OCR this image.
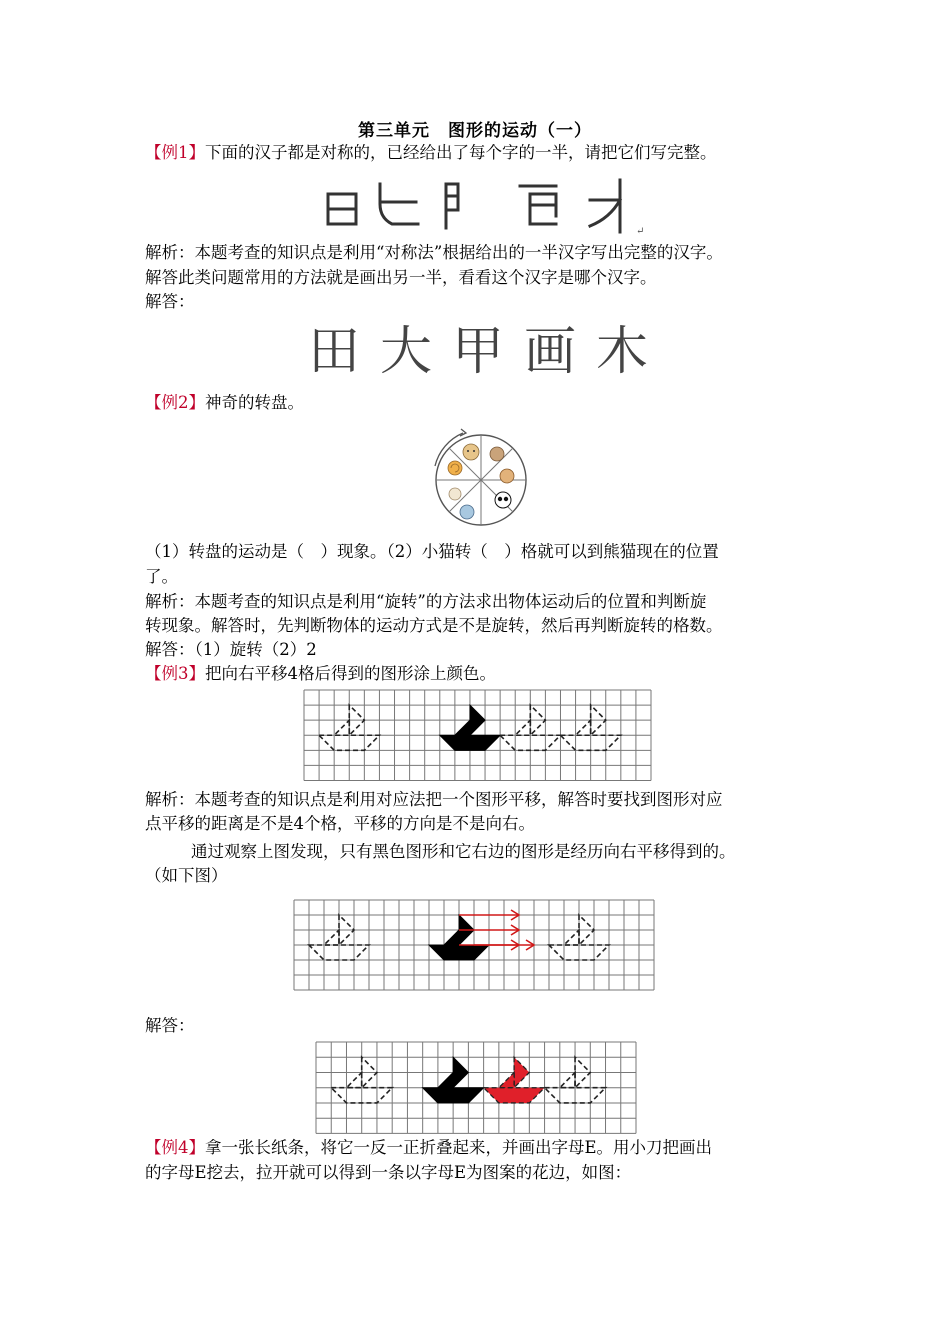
第三单元　图形的运动（一）
【例1】下面的汉子都是对称的，已经给出了每个字的一半，请把它们写完整。
↵
解析：本题考查的知识点是利用“对称法”根据给出的一半汉字写出完整的汉字。
解答此类问题常用的方法就是画出另一半，看看这个汉字是哪个汉字。
解答：
田 大 甲 画 木
【例2】神奇的转盘。
（1）转盘的运动是（　）现象。（2）小猫转（　）格就可以到熊猫现在的位置
了。
解析：本题考查的知识点是利用“旋转”的方法求出物体运动后的位置和判断旋
转现象。解答时，先判断物体的运动方式是不是旋转，然后再判断旋转的格数。
解答：（1）旋转（2）2
【例3】把向右平移4格后得到的图形涂上颜色。
解析：本题考查的知识点是利用对应法把一个图形平移，解答时要找到图形对应
点平移的距离是不是4个格，平移的方向是不是向右。
通过观察上图发现，只有黑色图形和它右边的图形是经历向右平移得到的。
（如下图）
解答：
【例4】拿一张长纸条，将它一反一正折叠起来，并画出字母E。用小刀把画出
的字母E挖去，拉开就可以得到一条以字母E为图案的花边，如图：
